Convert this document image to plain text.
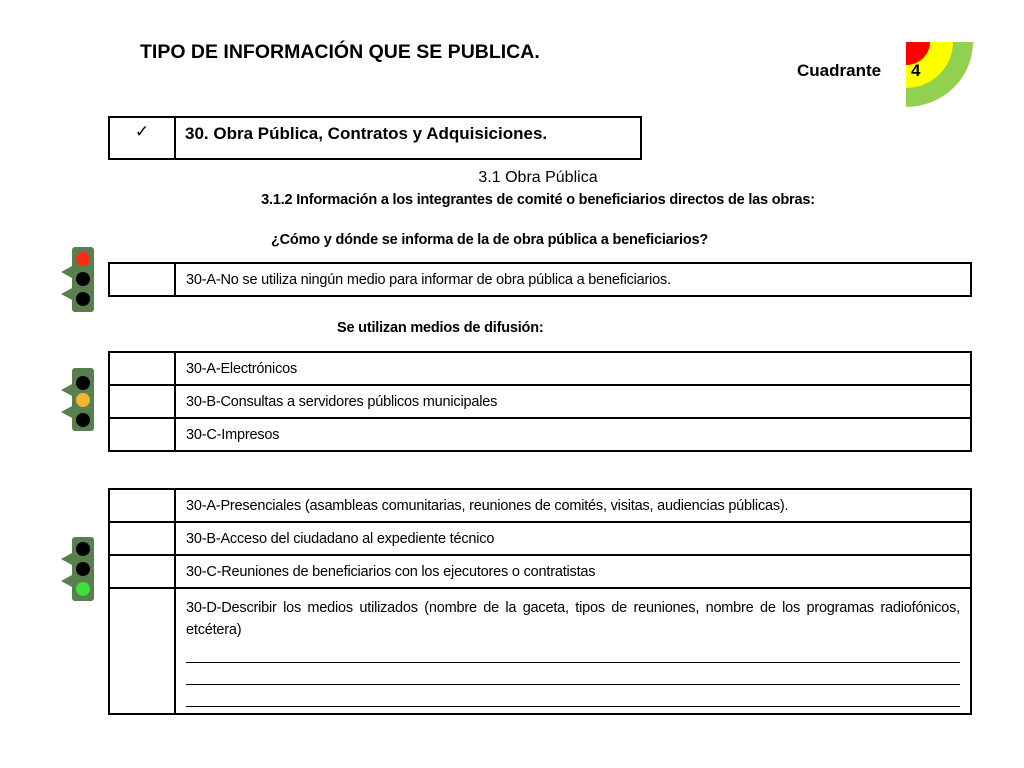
TIPO DE INFORMACIÓN QUE SE PUBLICA.
Cuadrante 4
✓	30. Obra Pública, Contratos y Adquisiciones.
3.1 Obra Pública
3.1.2 Información a los integrantes de comité o beneficiarios directos de las obras:
¿Cómo y dónde se informa de la de obra pública a beneficiarios?
	30-A-No se utiliza ningún medio para informar de obra pública a beneficiarios.
Se utilizan medios de difusión:
	30-A-Electrónicos
	30-B-Consultas a servidores públicos municipales
	30-C-Impresos
	30-A-Presenciales (asambleas comunitarias, reuniones de comités, visitas, audiencias públicas).
	30-B-Acceso del ciudadano al expediente técnico
	30-C-Reuniones de beneficiarios con los ejecutores o contratistas

	30-D-Describir los medios utilizados (nombre de la gaceta, tipos de reuniones, nombre de los programas radiofónicos, etcétera)
